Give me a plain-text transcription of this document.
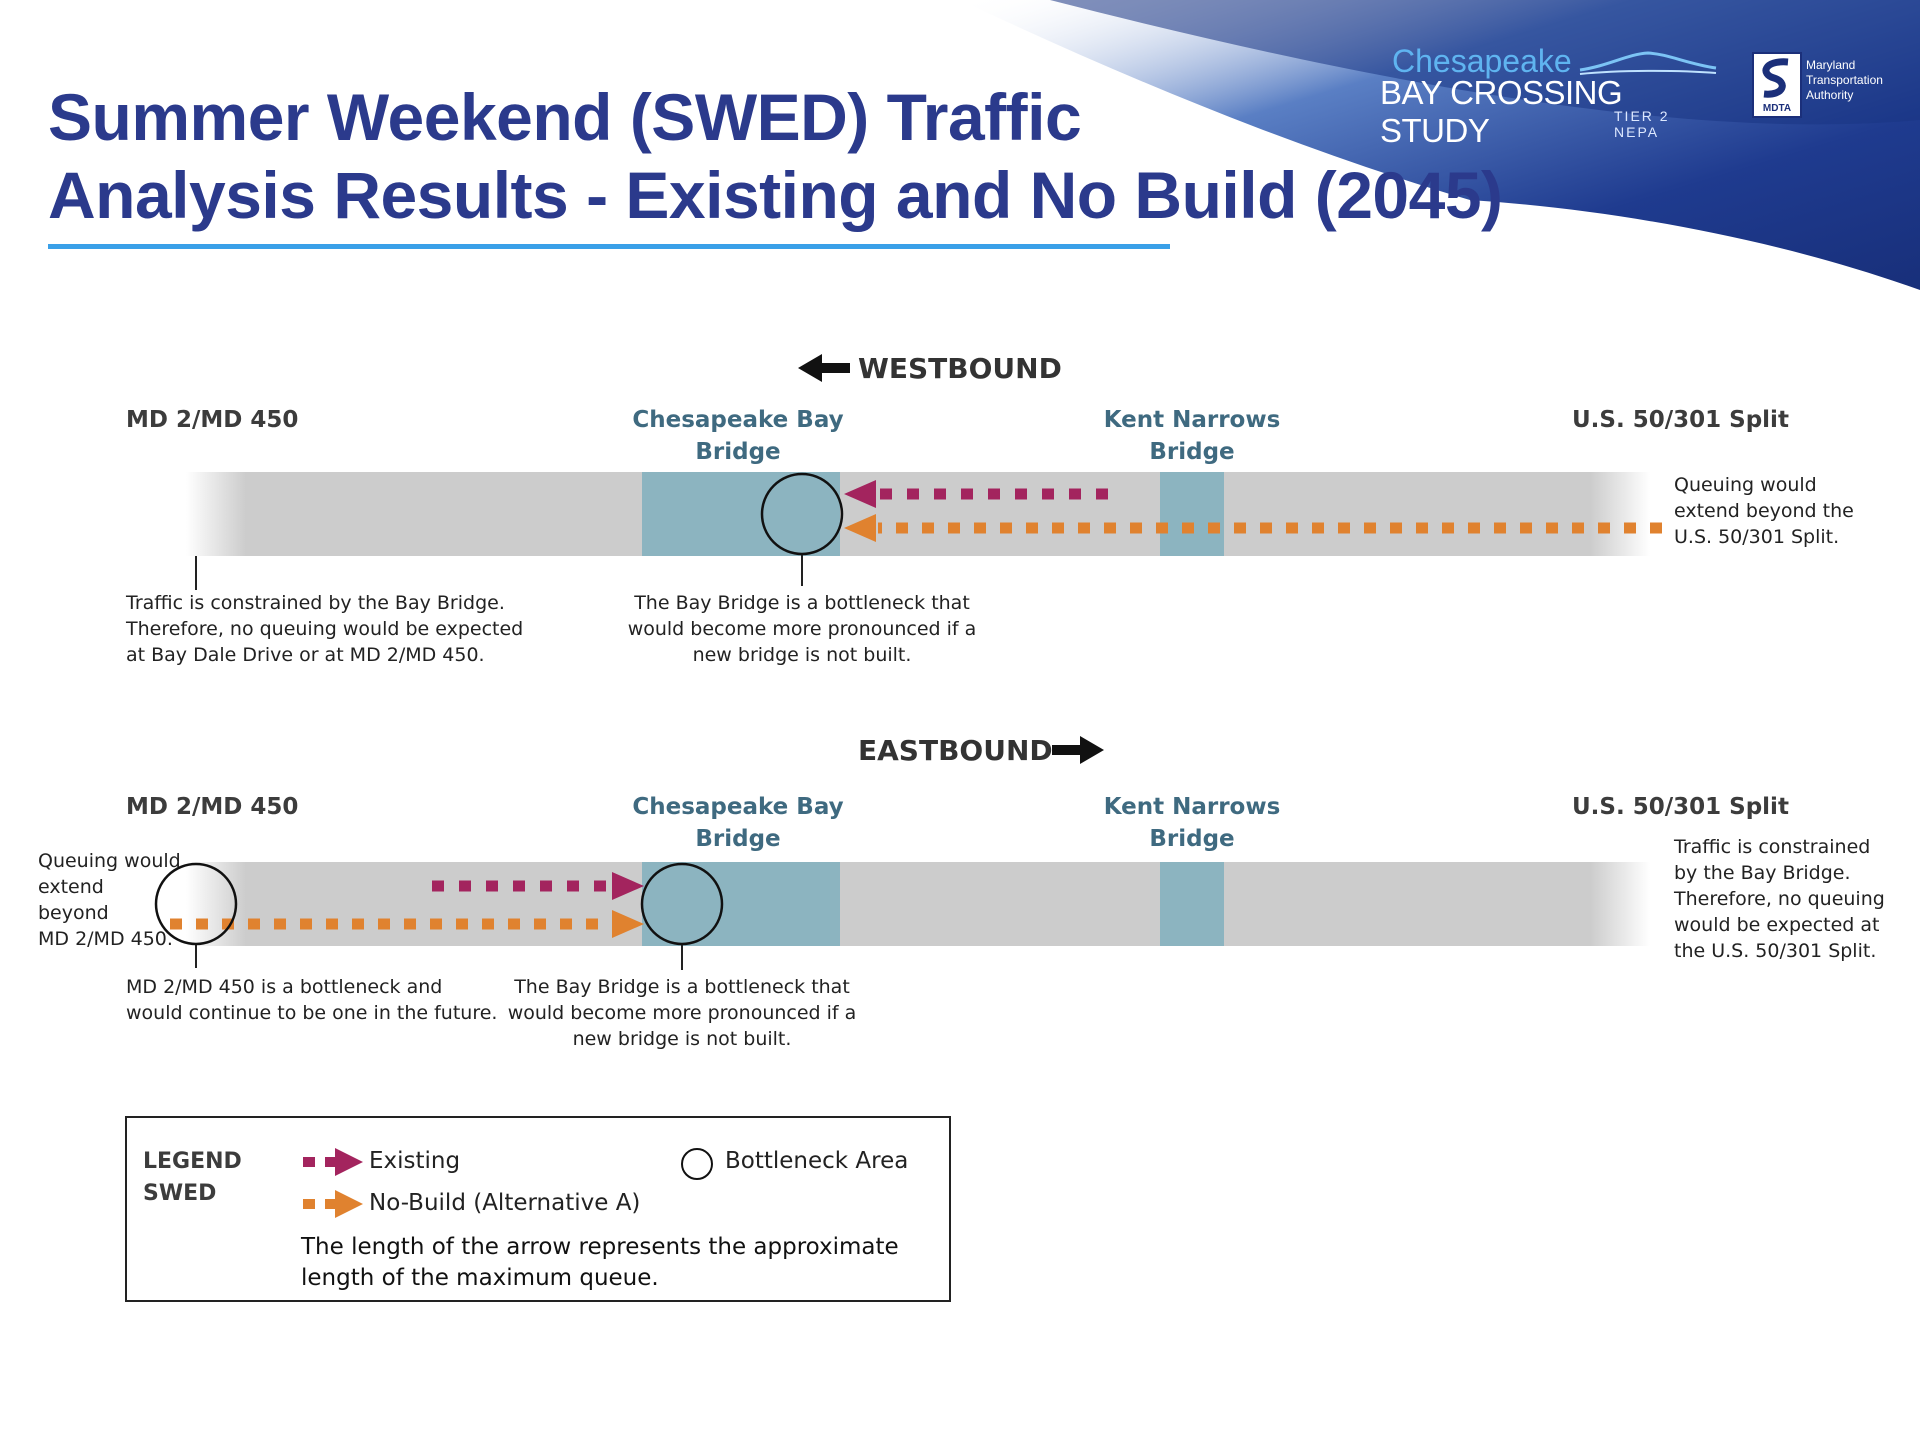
Summer Weekend (SWED) Traffic
Analysis Results - Existing and No Build (2045)
Chesapeake
BAY CROSSING STUDY	TIER 2 NEPA
MDTA
Maryland
Transportation
Authority
WESTBOUND
MD 2/MD 450	Chesapeake Bay
Bridge
Kent Narrows
Bridge
U.S. 50/301 Split

Traffic is constrained by the Bay Bridge.
Therefore, no queuing would be expected
at Bay Dale Drive or at MD 2/MD 450.

The Bay Bridge is a bottleneck that
would become more pronounced if a
new bridge is not built.

Queuing would
extend beyond the
U.S. 50/301 Split.

EASTBOUND
MD 2/MD 450	Chesapeake Bay
Bridge
Kent Narrows
Bridge
U.S. 50/301 Split

Queuing would
extend
beyond
MD 2/MD 450.

MD 2/MD 450 is a bottleneck and
would continue to be one in the future.

The Bay Bridge is a bottleneck that
would become more pronounced if a
new bridge is not built.

Traffic is constrained
by the Bay Bridge.
Therefore, no queuing
would be expected at
the U.S. 50/301 Split.

LEGEND
SWED
Existing
No-Build (Alternative A)
Bottleneck Area

The length of the arrow represents the approximate
length of the maximum queue.
